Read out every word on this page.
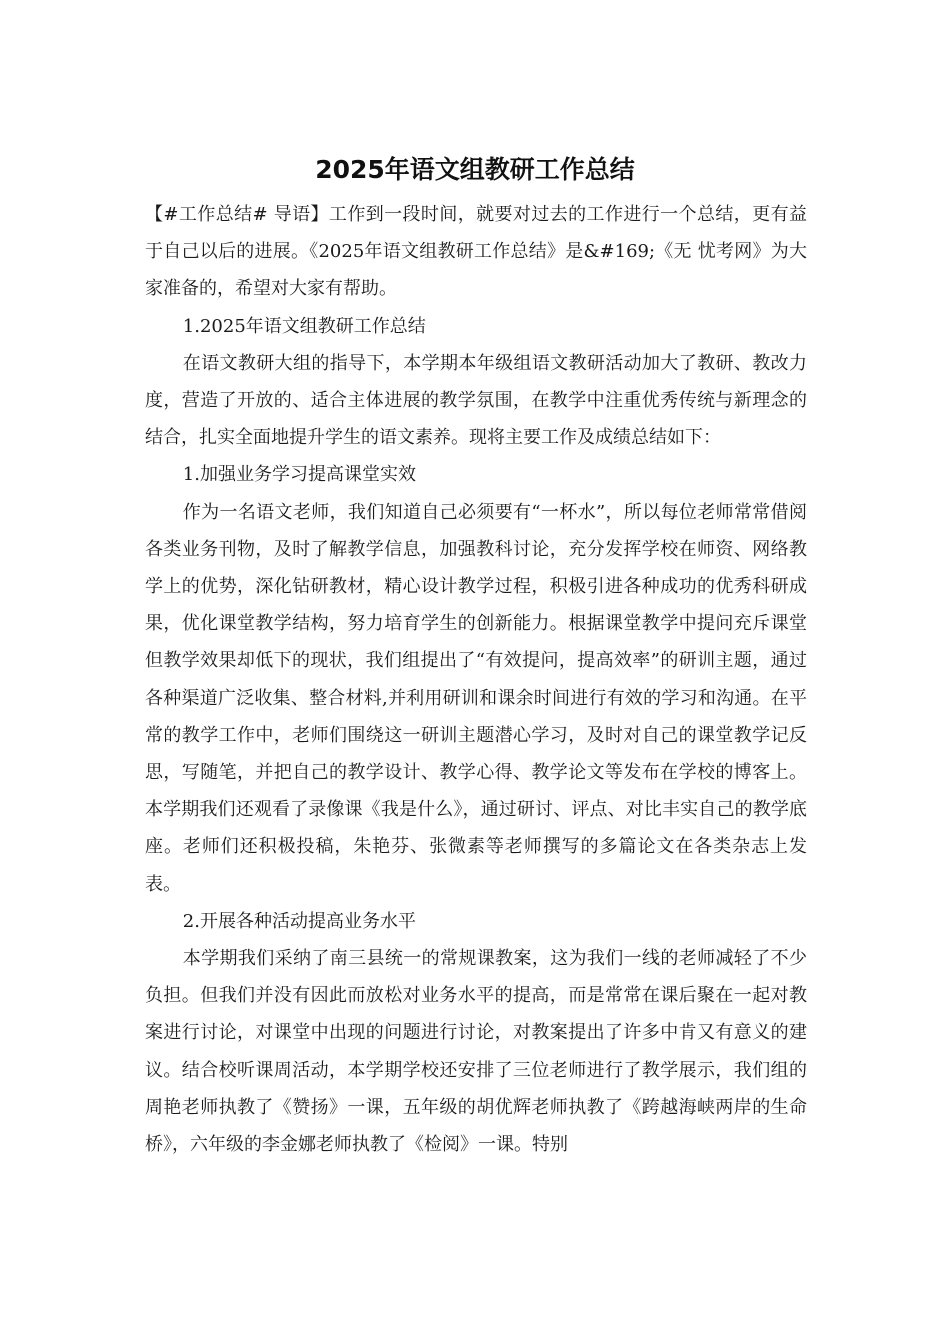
2025年语文组教研工作总结

【#工作总结# 导语】工作到一段时间，就要对过去的工作进行一个总结，更有益于自己以后的进展。《2025年语文组教研工作总结》是&#169;《无 忧考网》为大家准备的，希望对大家有帮助。

1.2025年语文组教研工作总结

在语文教研大组的指导下，本学期本年级组语文教研活动加大了教研、教改力度，营造了开放的、适合主体进展的教学氛围，在教学中注重优秀传统与新理念的结合，扎实全面地提升学生的语文素养。现将主要工作及成绩总结如下：

1.加强业务学习提高课堂实效

作为一名语文老师，我们知道自己必须要有“一杯水”，所以每位老师常常借阅各类业务刊物，及时了解教学信息，加强教科讨论，充分发挥学校在师资、网络教学上的优势，深化钻研教材，精心设计教学过程，积极引进各种成功的优秀科研成果，优化课堂教学结构，努力培育学生的创新能力。根据课堂教学中提问充斥课堂但教学效果却低下的现状，我们组提出了“有效提问，提高效率”的研训主题，通过各种渠道广泛收集、整合材料,并利用研训和课余时间进行有效的学习和沟通。在平常的教学工作中，老师们围绕这一研训主题潜心学习，及时对自己的课堂教学记反思，写随笔，并把自己的教学设计、教学心得、教学论文等发布在学校的博客上。本学期我们还观看了录像课《我是什么》，通过研讨、评点、对比丰实自己的教学底座。老师们还积极投稿，朱艳芬、张微素等老师撰写的多篇论文在各类杂志上发表。

2.开展各种活动提高业务水平

本学期我们采纳了南三县统一的常规课教案，这为我们一线的老师减轻了不少负担。但我们并没有因此而放松对业务水平的提高，而是常常在课后聚在一起对教案进行讨论，对课堂中出现的问题进行讨论，对教案提出了许多中肯又有意义的建议。结合校听课周活动，本学期学校还安排了三位老师进行了教学展示，我们组的周艳老师执教了《赞扬》一课，五年级的胡优辉老师执教了《跨越海峡两岸的生命桥》，六年级的李金娜老师执教了《检阅》一课。特别
